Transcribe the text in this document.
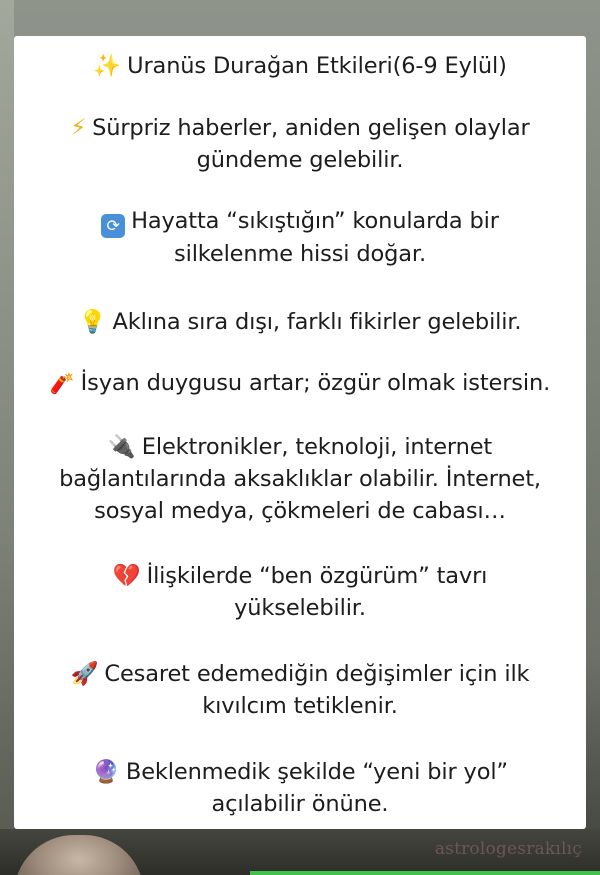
✨ Uranüs Durağan Etkileri(6-9 Eylül)
⚡ Sürpriz haberler, aniden gelişen olaylar
gündeme gelebilir.
⟳ Hayatta “sıkıştığın” konularda bir
silkelenme hissi doğar.
💡 Aklına sıra dışı, farklı fikirler gelebilir.
🧨 İsyan duygusu artar; özgür olmak istersin.
🔌 Elektronikler, teknoloji, internet
bağlantılarında aksaklıklar olabilir. İnternet,
sosyal medya, çökmeleri de cabası…
💔 İlişkilerde “ben özgürüm” tavrı
yükselebilir.
🚀 Cesaret edemediğin değişimler için ilk
kıvılcım tetiklenir.
🔮 Beklenmedik şekilde “yeni bir yol”
açılabilir önüne.
astrologesrakılıç
